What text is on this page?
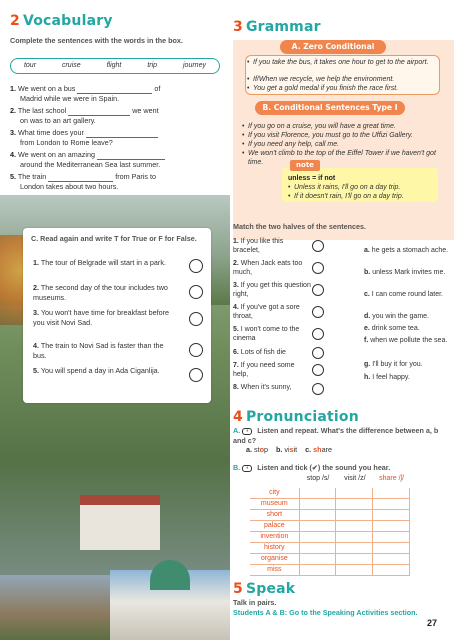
2 Vocabulary
Complete the sentences with the words in the box.
tour	cruise	flight	trip	journey
1. We went on a bus	of
Madrid while we were in Spain.
2. The last school	we went
on was to an art gallery.
3. What time does your
from London to Rome leave?
4. We went on an amazing
around the Mediterranean Sea last summer.
5. The train	from Paris to
London takes about two hours.
C. Read again and write T for True or F for False.
1. The tour of Belgrade will start in a park.
2. The second day of the tour includes two museums.
3. You won't have time for breakfast before you visit Novi Sad.
4. The train to Novi Sad is faster than the bus.
5. You will spend a day in Ada Ciganlija.
3 Grammar
A. Zero Conditional
• If you take the bus, it takes one hour to get to the airport.
• If/When we recycle, we help the environment.
• You get a gold medal if you finish the race first.
B. Conditional Sentences Type I
• If you go on a cruise, you will have a great time.
• If you visit Florence, you must go to the Uffizi Gallery.
• If you need any help, call me.
• We won't climb to the top of the Eiffel Tower if we haven't got time.	note
unless = if not
• Unless it rains, I'll go on a day trip.
• If it doesn't rain, I'll go on a day trip.
Match the two halves of the sentences.
1. If you like this bracelet,
2. When Jack eats too much,
3. If you get this question right,
4. If you've got a sore throat,
5. I won't come to the cinema
6. Lots of fish die
7. If you need some help,
8. When it's sunny,
a. he gets a stomach ache.
b. unless Mark invites me.
c. I can come round later.
d. you win the game.
e. drink some tea.
f. when we pollute the sea.
g. I'll buy it for you.
h. I feel happy.
4 Pronunciation
A. ◖ Listen and repeat. What's the difference between a, b and c?
a. stop b. visit c. share
B. ◖ Listen and tick (✔) the sound you hear.
stop /s/	visit /z/	share /ʃ/
city
museum
short
palace
invention
history
organise
miss
5 Speak
Talk in pairs.
Students A & B: Go to the Speaking Activities section.
27
